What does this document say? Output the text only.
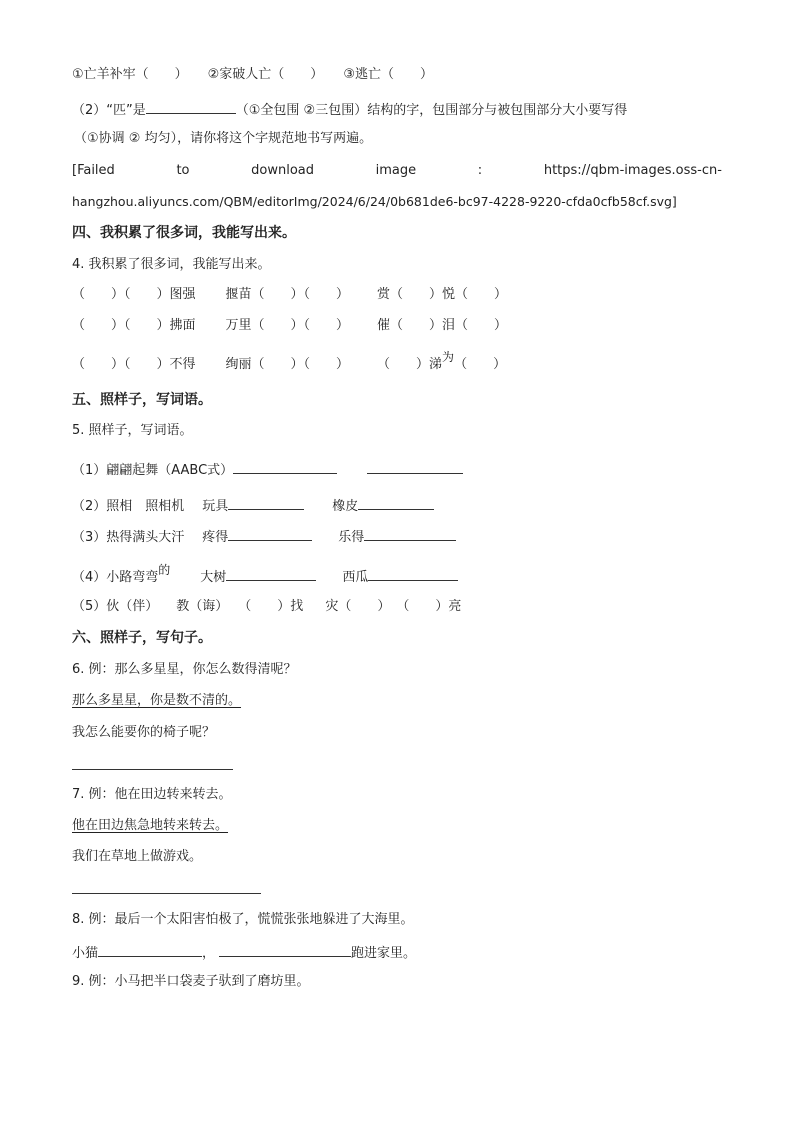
①亡羊补牢（　　） ②家破人亡（　　） ③逃亡（　　）
（2）“匹”是	（①全包围 ②三包围）结构的字，包围部分与被包围部分大小要写得
（①协调 ② 均匀），请你将这个字规范地书写两遍。
[Failed	to	download	image	:	https://qbm-images.oss-cn-
hangzhou.aliyuncs.com/QBM/editorImg/2024/6/24/0b681de6-bc97-4228-9220-cfda0cfb58cf.svg]
四、我积累了很多词，我能写出来。
4. 我积累了很多词，我能写出来。
（　　）（　　）图强 揠苗（　　）（　　） 赏（　　）悦（　　）
（　　）（　　）拂面 万里（　　）（　　） 催（　　）泪（　　）
（　　）（　　）不得 绚丽（　　）（　　） （　　）涕为（　　）
五、照样子，写词语。
5. 照样子，写词语。
（1）翩翩起舞（AABC式）
（2）照相　照相机 玩具	橡皮
（3）热得满头大汗 疼得	乐得
（4）小路弯弯的 大树	西瓜
（5）伙（伴） 教（诲） （　　）找 灾（　　） （　　）亮
六、照样子，写句子。
6. 例：那么多星星，你怎么数得清呢？
那么多星星，你是数不清的。
我怎么能要你的椅子呢？
7. 例：他在田边转来转去。
他在田边焦急地转来转去。
我们在草地上做游戏。
8. 例：最后一个太阳害怕极了，慌慌张张地躲进了大海里。
小猫	，	跑进家里。
9. 例：小马把半口袋麦子驮到了磨坊里。
